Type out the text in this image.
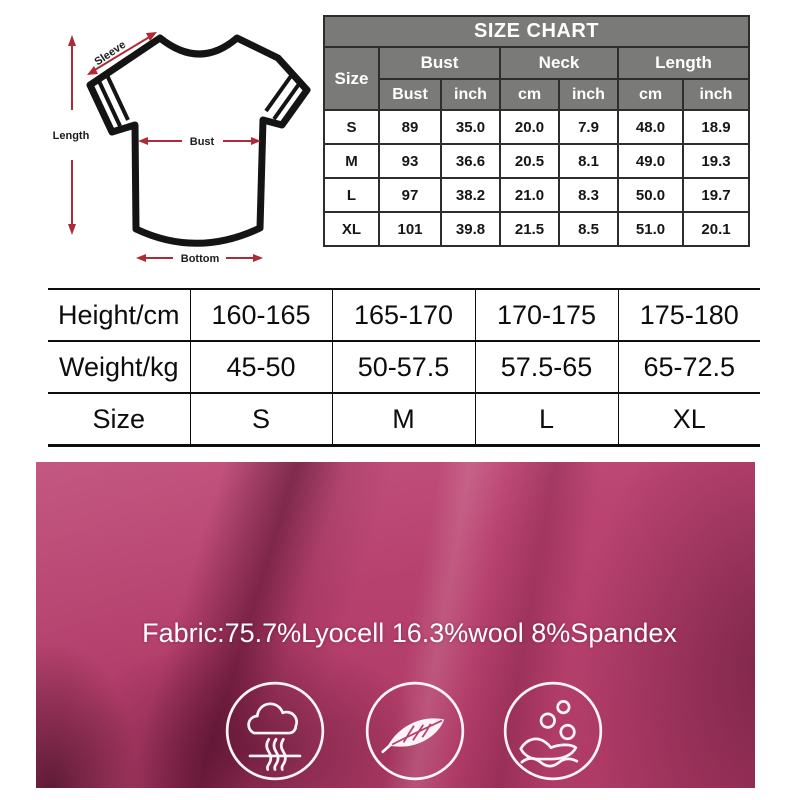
Length
Sleeve
Bust
Bottom
SIZE CHART						
Size	Bust		Neck		Length	
	Bust	inch	cm	inch	cm	inch
S	89	35.0	20.0	7.9	48.0	18.9
M	93	36.6	20.5	8.1	49.0	19.3
L	97	38.2	21.0	8.3	50.0	19.7
XL	101	39.8	21.5	8.5	51.0	20.1
Height/cm	160-165	165-170	170-175	175-180
Weight/kg	45-50	50-57.5	57.5-65	65-72.5
Size	S	M	L	XL
Fabric:75.7%Lyocell 16.3%wool 8%Spandex
